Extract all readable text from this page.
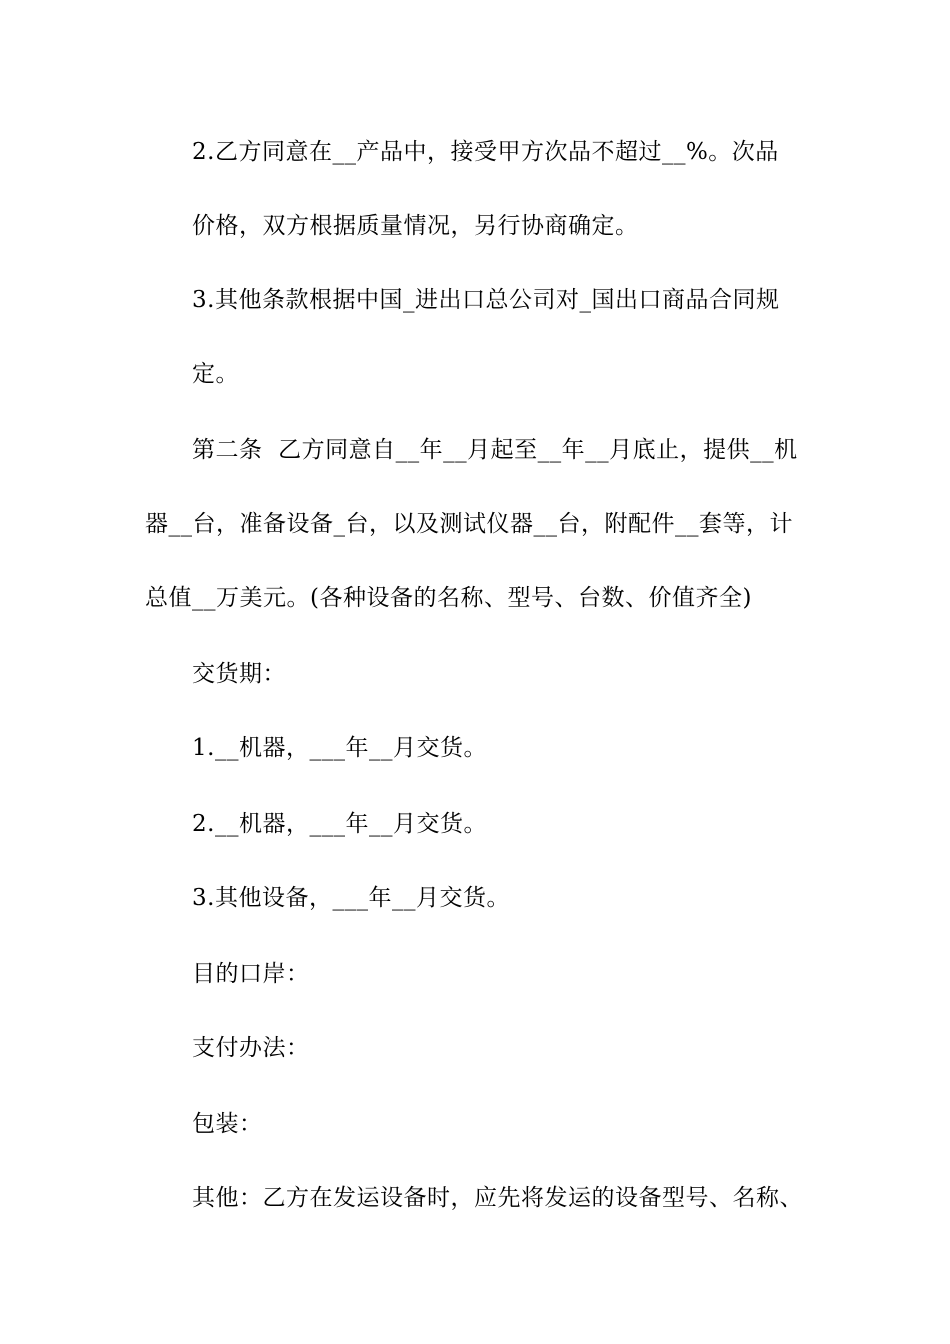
2.乙方同意在__产品中，接受甲方次品不超过__%。次品
价格，双方根据质量情况，另行协商确定。
3.其他条款根据中国_进出口总公司对_国出口商品合同规
定。
第二条  乙方同意自__年__月起至__年__月底止，提供__机
器__台，准备设备_台，以及测试仪器__台，附配件__套等，计
总值__万美元。(各种设备的名称、型号、台数、价值齐全)
交货期：
1.__机器，___年__月交货。
2.__机器，___年__月交货。
3.其他设备，___年__月交货。
目的口岸：
支付办法：
包装：
其他：乙方在发运设备时，应先将发运的设备型号、名称、
